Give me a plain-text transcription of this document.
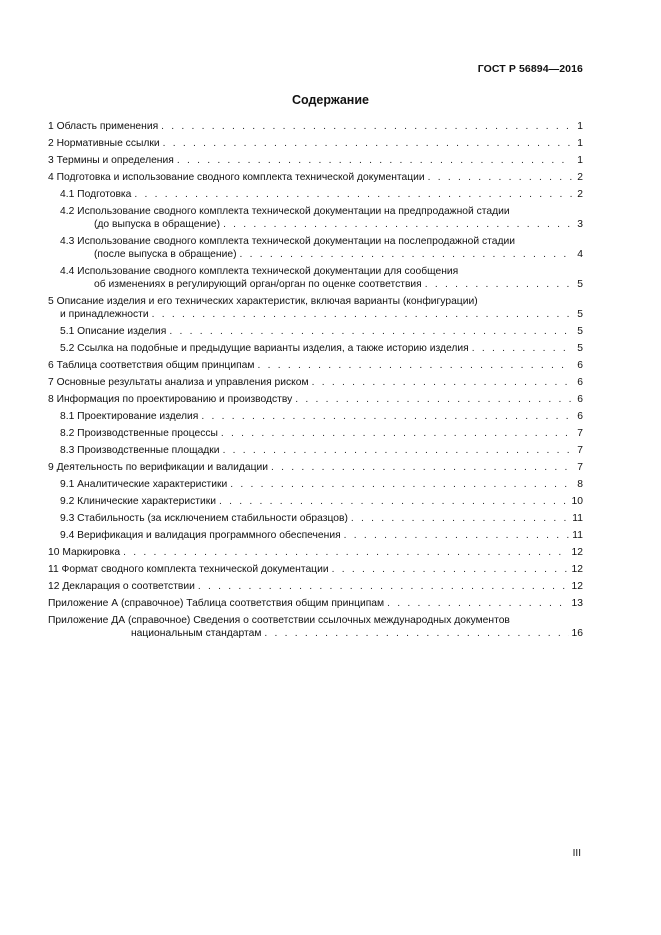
ГОСТ Р 56894—2016
Содержание
1 Область применения . . .	1
2 Нормативные ссылки . . .	1
3 Термины и определения . . .	1
4 Подготовка и использование сводного комплекта технической документации . . .	2
4.1 Подготовка . . .	2
4.2 Использование сводного комплекта технической документации на предпродажной стадии
(до выпуска в обращение) . . .	3
4.3 Использование сводного комплекта технической документации на послепродажной стадии
(после выпуска в обращение) . . .	4
4.4 Использование сводного комплекта технической документации для сообщения
об изменениях в регулирующий орган/орган по оценке соответствия . . .	5
5 Описание изделия и его технических характеристик, включая варианты (конфигурации)
и принадлежности . . .	5
5.1 Описание изделия . . .	5
5.2 Ссылка на подобные и предыдущие варианты изделия, а также историю изделия . . .	5
6 Таблица соответствия общим принципам . . .	6
7 Основные результаты анализа и управления риском . . .	6
8 Информация по проектированию и производству . . .	6
8.1 Проектирование изделия . . .	6
8.2 Производственные процессы . . .	7
8.3 Производственные площадки . . .	7
9 Деятельность по верификации и валидации . . .	7
9.1 Аналитические характеристики . . .	8
9.2 Клинические характеристики . . .	10
9.3 Стабильность (за исключением стабильности образцов) . . .	11
9.4 Верификация и валидация программного обеспечения . . .	11
10 Маркировка . . .	12
11 Формат сводного комплекта технической документации . . .	12
12 Декларация о соответствии . . .	12
Приложение А (справочное) Таблица соответствия общим принципам . . .	13
Приложение ДА (справочное) Сведения о соответствии ссылочных международных документов
национальным стандартам . . .	16
III
